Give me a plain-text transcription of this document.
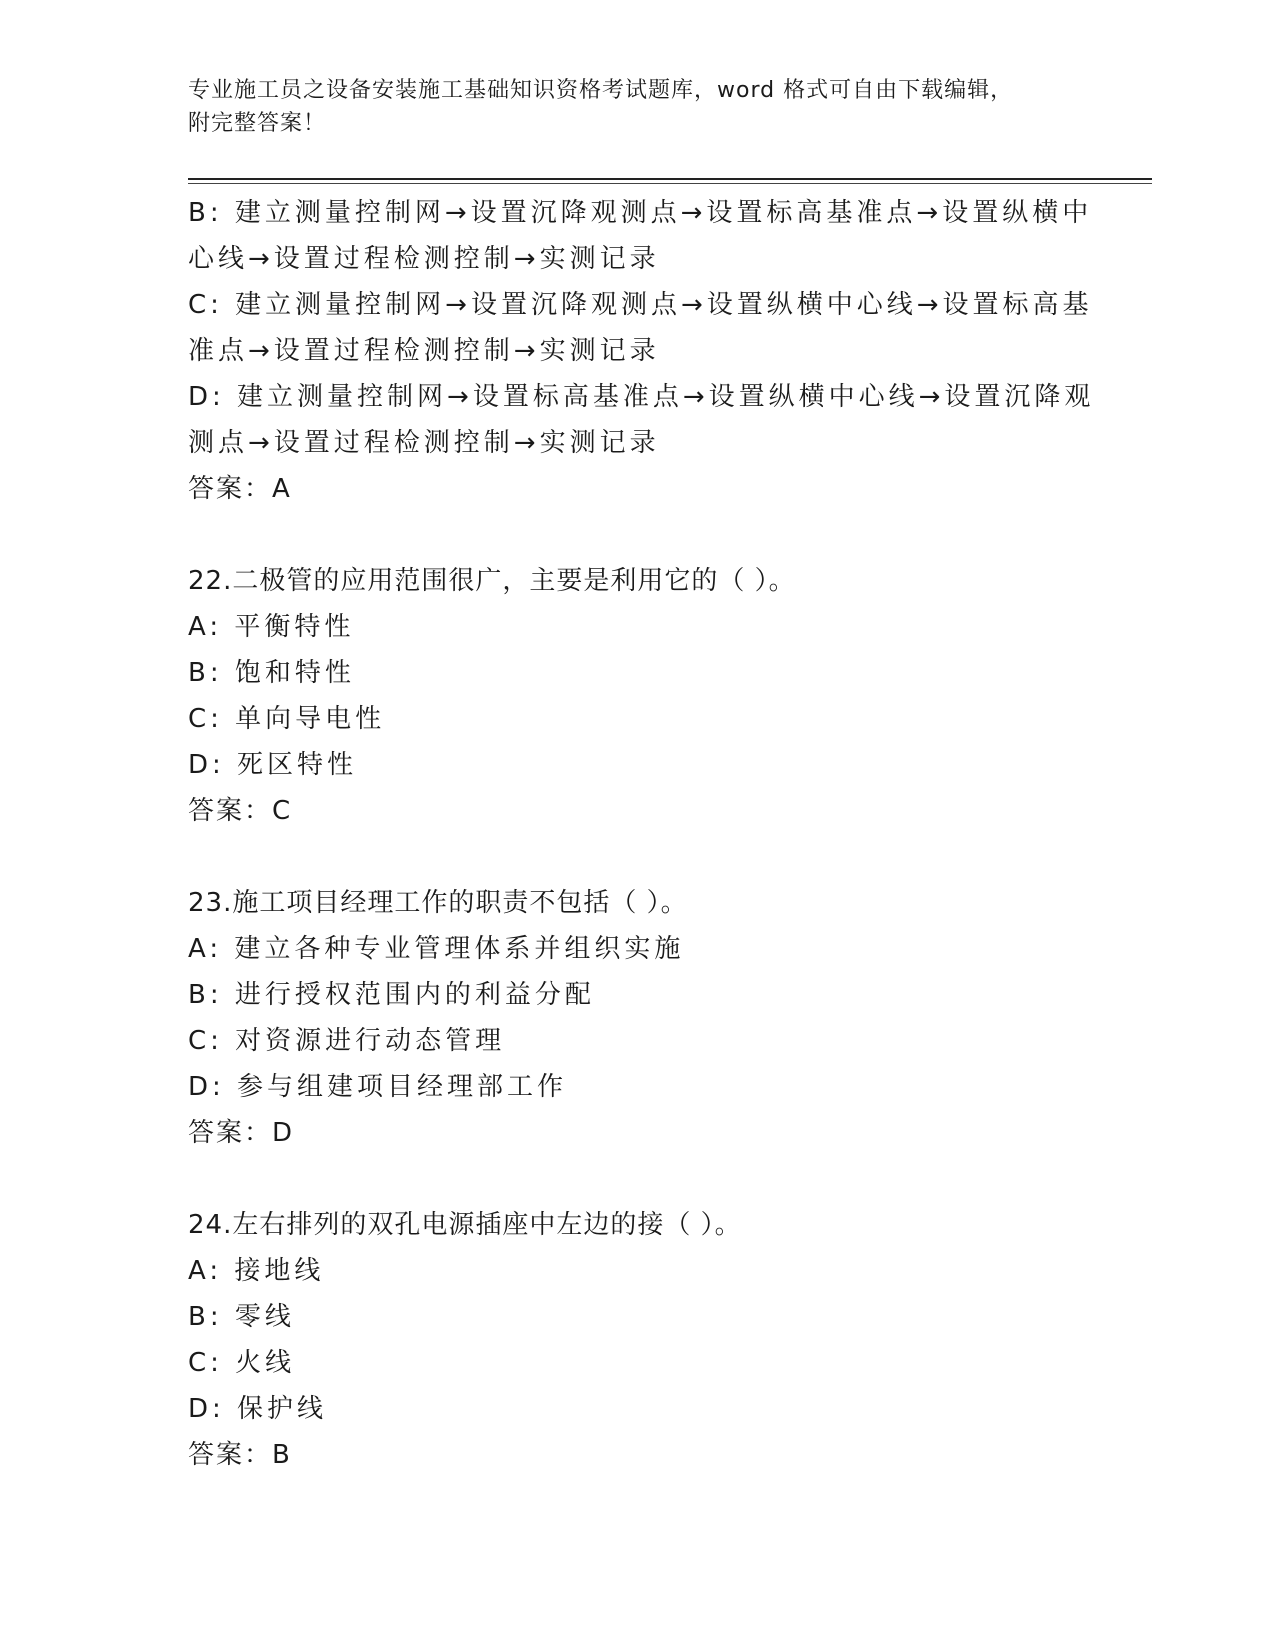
专业施工员之设备安装施工基础知识资格考试题库，word 格式可自由下载编辑，
附完整答案！
B: 建立测量控制网→设置沉降观测点→设置标高基准点→设置纵横中
心线→设置过程检测控制→实测记录
C: 建立测量控制网→设置沉降观测点→设置纵横中心线→设置标高基
准点→设置过程检测控制→实测记录
D: 建立测量控制网→设置标高基准点→设置纵横中心线→设置沉降观
测点→设置过程检测控制→实测记录
答案：A
22.二极管的应用范围很广，主要是利用它的（ ）。
A: 平衡特性
B: 饱和特性
C: 单向导电性
D: 死区特性
答案：C
23.施工项目经理工作的职责不包括（ ）。
A: 建立各种专业管理体系并组织实施
B: 进行授权范围内的利益分配
C: 对资源进行动态管理
D: 参与组建项目经理部工作
答案：D
24.左右排列的双孔电源插座中左边的接（ ）。
A: 接地线
B: 零线
C: 火线
D: 保护线
答案：B
